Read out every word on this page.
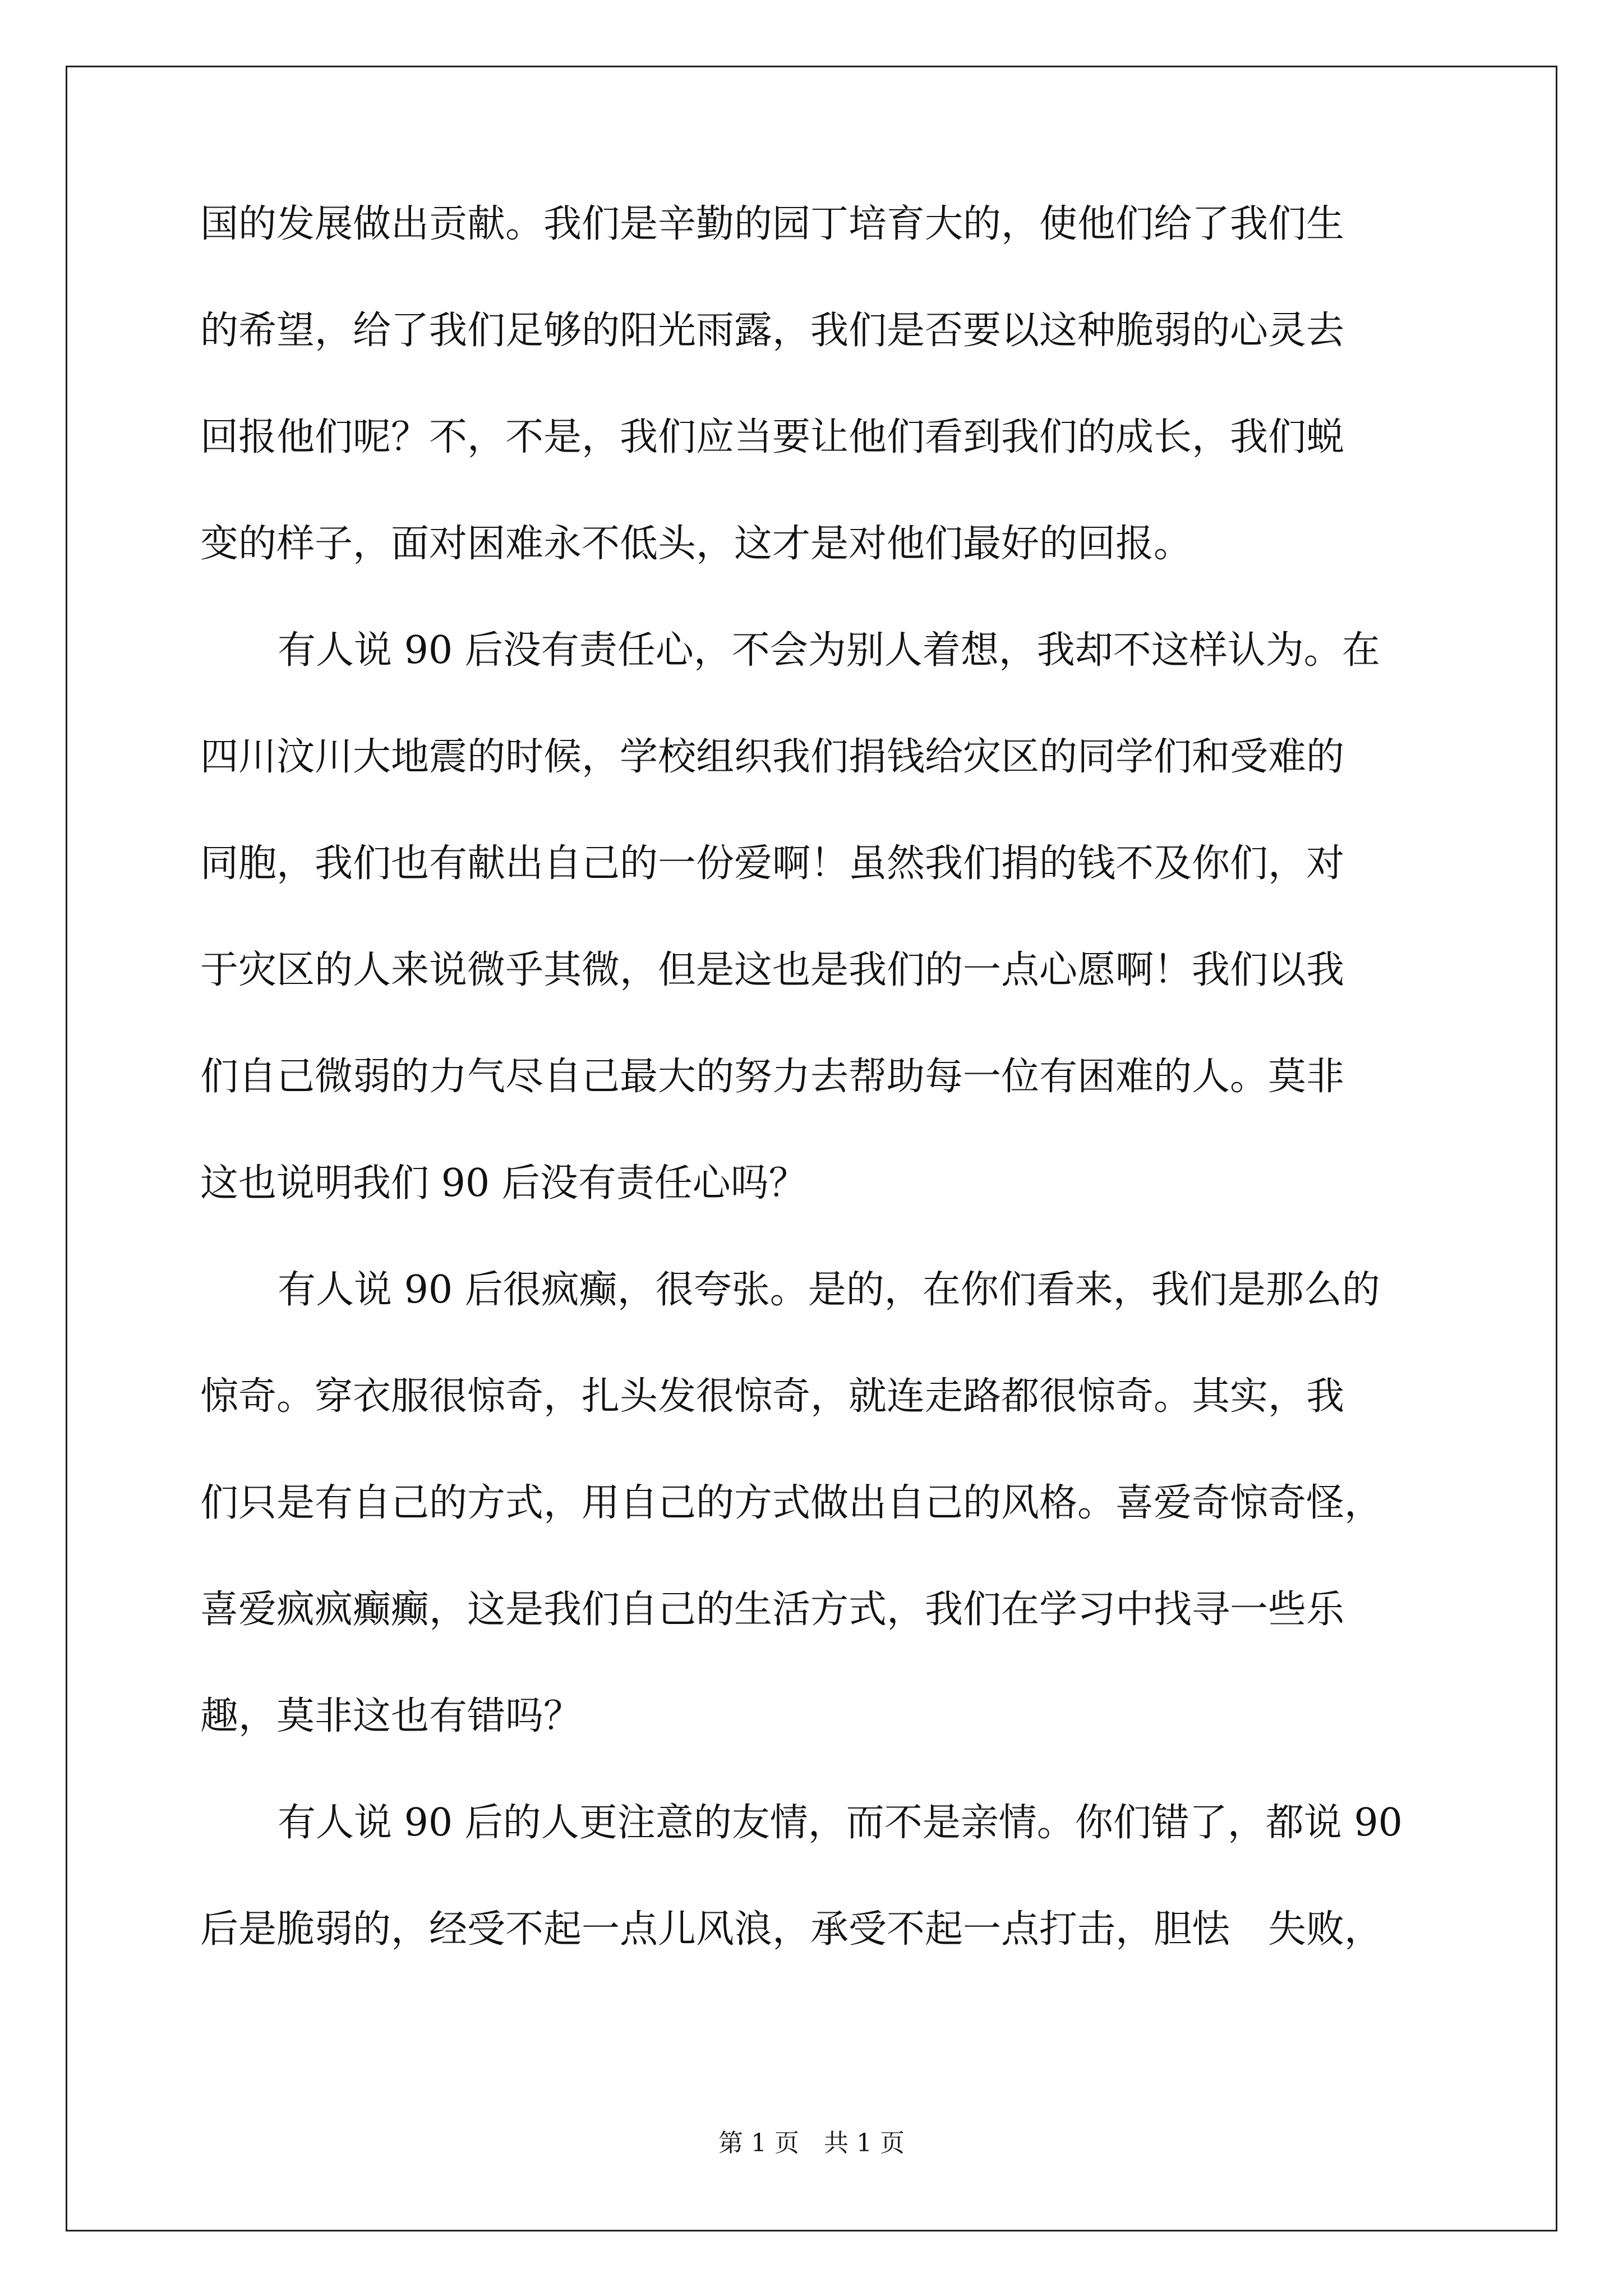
国的发展做出贡献。我们是辛勤的园丁培育大的，使他们给了我们生
的希望，给了我们足够的阳光雨露，我们是否要以这种脆弱的心灵去
回报他们呢？不，不是，我们应当要让他们看到我们的成长，我们蜕
变的样子，面对困难永不低头，这才是对他们最好的回报。
有人说 90 后没有责任心，不会为别人着想，我却不这样认为。在
四川汶川大地震的时候，学校组织我们捐钱给灾区的同学们和受难的
同胞，我们也有献出自己的一份爱啊！虽然我们捐的钱不及你们，对
于灾区的人来说微乎其微，但是这也是我们的一点心愿啊！我们以我
们自己微弱的力气尽自己最大的努力去帮助每一位有困难的人。莫非
这也说明我们 90 后没有责任心吗？
有人说 90 后很疯癫，很夸张。是的，在你们看来，我们是那么的
惊奇。穿衣服很惊奇，扎头发很惊奇，就连走路都很惊奇。其实，我
们只是有自己的方式，用自己的方式做出自己的风格。喜爱奇惊奇怪，
喜爱疯疯癫癫，这是我们自己的生活方式，我们在学习中找寻一些乐
趣，莫非这也有错吗？
有人说 90 后的人更注意的友情，而不是亲情。你们错了，都说 90
后是脆弱的，经受不起一点儿风浪，承受不起一点打击，胆怯　失败，
第 1 页　共 1 页
